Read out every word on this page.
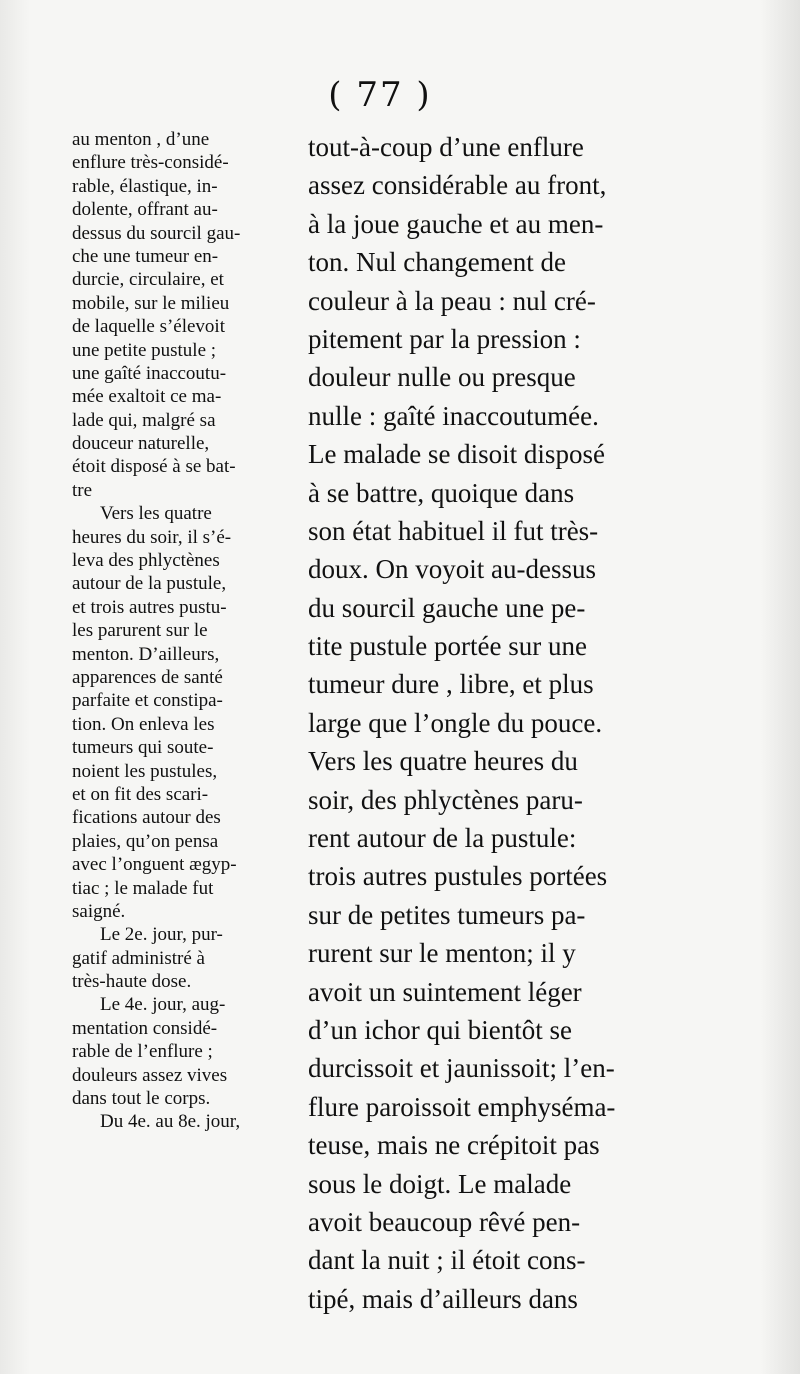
( 77 )
au menton , d’une
enflure très-considé-
rable, élastique, in-
dolente, offrant au-
dessus du sourcil gau-
che une tumeur en-
durcie, circulaire, et
mobile, sur le milieu
de laquelle s’élevoit
une petite pustule ;
une gaîté inaccoutu-
mée exaltoit ce ma-
lade qui, malgré sa
douceur naturelle,
étoit disposé à se bat-
tre
Vers les quatre
heures du soir, il s’é-
leva des phlyctènes
autour de la pustule,
et trois autres pustu-
les parurent sur le
menton. D’ailleurs,
apparences de santé
parfaite et constipa-
tion. On enleva les
tumeurs qui soute-
noient les pustules,
et on fit des scari-
fications autour des
plaies, qu’on pensa
avec l’onguent ægyp-
tiac ; le malade fut
saigné.
Le 2e. jour, pur-
gatif administré à
très-haute dose.
Le 4e. jour, aug-
mentation considé-
rable de l’enflure ;
douleurs assez vives
dans tout le corps.
Du 4e. au 8e. jour,
tout-à-coup d’une enflure
assez considérable au front,
à la joue gauche et au men-
ton. Nul changement de
couleur à la peau : nul cré-
pitement par la pression :
douleur nulle ou presque
nulle : gaîté inaccoutumée.
Le malade se disoit disposé
à se battre, quoique dans
son état habituel il fut très-
doux. On voyoit au-dessus
du sourcil gauche une pe-
tite pustule portée sur une
tumeur dure , libre, et plus
large que l’ongle du pouce.
Vers les quatre heures du
soir, des phlyctènes paru-
rent autour de la pustule:
trois autres pustules portées
sur de petites tumeurs pa-
rurent sur le menton; il y
avoit un suintement léger
d’un ichor qui bientôt se
durcissoit et jaunissoit; l’en-
flure paroissoit emphyséma-
teuse, mais ne crépitoit pas
sous le doigt. Le malade
avoit beaucoup rêvé pen-
dant la nuit ; il étoit cons-
tipé, mais d’ailleurs dans
